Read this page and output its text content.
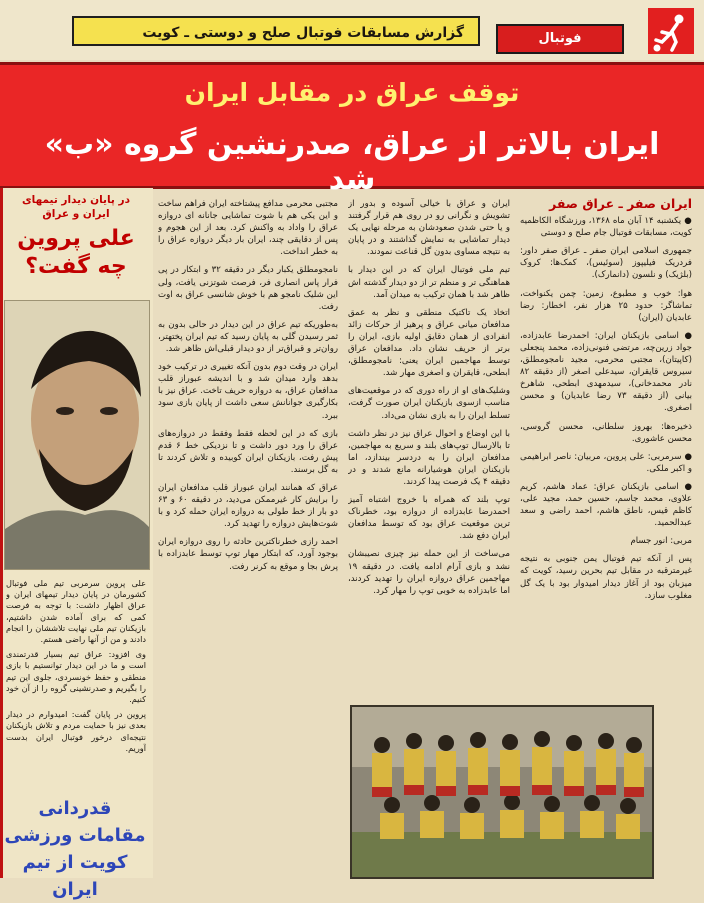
فوتبال
گزارش مسابقات فوتبال صلح و دوستی ـ کویت
توقف عراق در مقابل ایران
ایران بالاتر از عراق، صدرنشین گروه «ب» شد
ایران صفر ـ عراق صفر

● یکشنبه ۱۴ آبان ماه ۱۳۶۸، ورزشگاه الکاظمیه کویت، مسابقات فوتبال جام صلح و دوستی

جمهوری اسلامی ایران صفر ـ عراق صفر داور: فردریک فیلیپوز (سوئیس)، کمک‌ها: کروک (بلژیک) و نلسون (دانمارک).

هوا: خوب و مطبوع، زمین: چمن یکنواخت، تماشاگر: حدود ۲۵ هزار نفر، اخطار: رضا عابدیان (ایران)

● اسامی بازیکنان ایران: احمدرضا عابدزاده، جواد زرین‌چه، مرتضی فنونی‌زاده، محمد پنجعلی (کاپیتان)، مجتبی محرمی، مجید نامجومطلق، سیروس قایقران، سیدعلی اصغر (از دقیقه ۸۲ نادر محمدخانی)، سیدمهدی ابطحی، شاهرخ بیانی (از دقیقه ۷۳ رضا عابدیان) و محسن اصغری.

ذخیره‌ها: بهروز سلطانی، محسن گروسی، محسن عاشوری.

● سرمربی: علی پروین، مربیان: ناصر ابراهیمی و اکبر ملکی.

● اسامی بازیکنان عراق: عماد هاشم، کریم علاوی، محمد جاسم، حسین حمد، مجید علی، کاظم قیس، ناطق هاشم، احمد راضی و سعد عبدالحمید.

مربی: انور جسام

پس از آنکه تیم فوتبال یمن جنوبی به نتیجه غیرمترقبه در مقابل تیم بحرین رسید، کویت که میزبان بود از آغاز دیدار امیدوار بود با یک گل مغلوب سازد.

ایران و عراق با خیالی آسوده و بدور از تشویش و نگرانی رو در روی هم قرار گرفتند و یا حتی شدن صعودشان به مرحله نهایی یک دیدار تماشایی به نمایش گذاشتند و در پایان به نتیجه مساوی بدون گل قناعت نمودند.

تیم ملی فوتبال ایران که در این دیدار با هماهنگی تر و منظم تر از دو دیدار گذشته اش ظاهر شد با همان ترکیب به میدان آمد.

اتخاذ یک تاکتیک منطقی و نظر به عمق مدافعان میانی عراق و پرهیز از حرکات زائد انفرادی از همان دقایق اولیه بازی، ایران را برتر از حریف نشان داد. مدافعان عراق توسط مهاجمین ایران یعنی: نامجومطلق، ابطحی، قایقران و اصغری مهار شد.

وشلیک‌های او از راه دوری که در موقعیت‌های مناسب ازسوی بازیکنان ایران صورت گرفت، تسلط ایران را به بازی نشان می‌داد.

با این اوضاع و احوال عراق نیز در نظر داشت تا بالارسال توپ‌های بلند و سریع به مهاجمین، مدافعان ایران را به دردسر بیندازد، اما بازیکنان ایران هوشیارانه مانع شدند و در دقیقه ۴ یک فرصت پیدا کردند.

توپ بلند که همراه با خروج اشتباه آمیز احمدرضا عابدزاده از دروازه بود، خطرناک ترین موقعیت عراق بود که توسط مدافعان ایران دفع شد.

می‌ساخت از این حمله نیز چیزی نصیبشان نشد و بازی آرام ادامه یافت. در دقیقه ۱۹ مهاجمین عراق دروازه ایران را تهدید کردند، اما عابدزاده به خوبی توپ را مهار کرد.

مجتبی محرمی مدافع پیشتاخته ایران فراهم ساخت و این یکی هم با شوت تماشایی جانانه ای دروازه عراق را واداد به واکنش کرد. بعد از این هجوم و پس از دقایقی چند، ایران بار دیگر دروازه عراق را به خطر انداخت.

نامجومطلق یکبار دیگر در دقیقه ۳۲ و ابتکار در پی فرار پاس انصاری فر، فرصت شوتزنی یافت، ولی این شلیک نامجو هم با خوش شانسی عراق به اوت رفت.

به‌طوریکه تیم عراق در این دیدار در حالی بدون به ثمر رسیدن گلی به پایان رسید که تیم ایران پختهتر، روان‌تر و قبراق‌تر از دو دیدار قبلی‌اش ظاهر شد.

ایران در وقت دوم بدون آنکه تغییری در ترکیب خود بدهد وارد میدان شد و با اندیشه عبوراز قلب مدافعان عراق، به دروازه حریف تاخت. عراق نیز با بکارگیری جوانانش سعی داشت از پایان بازی سود ببرد.

بازی که در این لحظه فقط وفقط در دروازه‌های عراق را ورد دور داشت و تا نزدیکی خط ۶ قدم پیش رفت، بازیکنان ایران کوبیده و تلاش کردند تا به گل برسند.

عراق که همانند ایران عبوراز قلب مدافعان ایران را برایش کار غیرممکن می‌دید، در دقیقه ۶۰ و ۶۳ دو بار از خط طولی به دروازه ایران حمله کرد و با شوت‌هایش دروازه را تهدید کرد.

احمد رازی خطرناکترین حادثه را روی دروازه ایران بوجود آورد، که ابتکار مهار توپ توسط عابدزاده با پرش بجا و موقع به کرنر رفت.

در پایان دیدار تیمهای ایران و عراق
علی پروین چه گفت؟

علی پروین سرمربی تیم ملی فوتبال کشورمان در پایان دیدار تیمهای ایران و عراق اظهار داشت: با توجه به فرصت کمی که برای آماده شدن داشتیم، بازیکنان تیم ملی نهایت تلاششان را انجام دادند و من از آنها راضی هستم.

وی افزود: عراق تیم بسیار قدرتمندی است و ما در این دیدار توانستیم با بازی منطقی و حفظ خونسردی، جلوی این تیم را بگیریم و صدرنشینی گروه را از آن خود کنیم.

پروین در پایان گفت: امیدوارم در دیدار بعدی نیز با حمایت مردم و تلاش بازیکنان نتیجه‌ای درخور فوتبال ایران بدست آوریم.

قدردانی مقامات ورزشی کویت از تیم ایران
